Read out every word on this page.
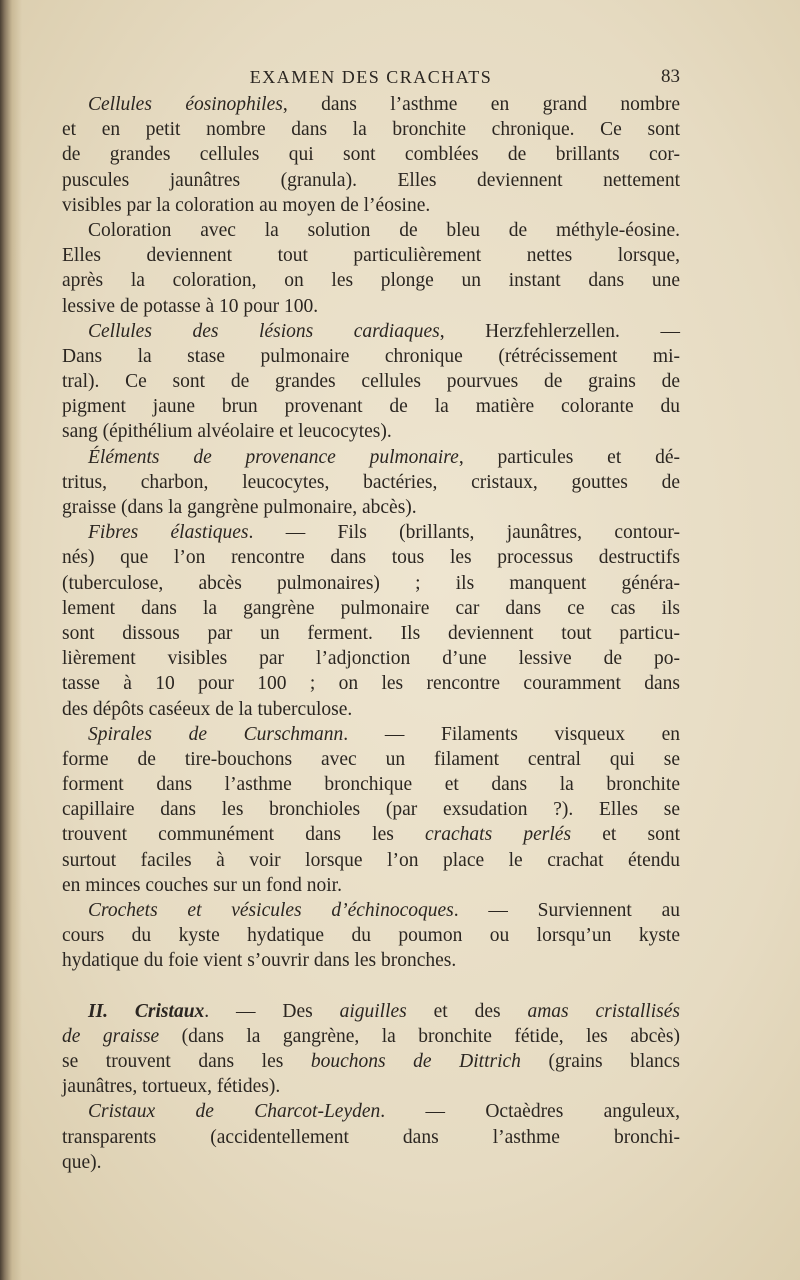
EXAMEN DES CRACHATS	83
Cellules éosinophiles, dans l’asthme en grand nombre
et en petit nombre dans la bronchite chronique. Ce sont
de grandes cellules qui sont comblées de brillants cor-
puscules jaunâtres (granula). Elles deviennent nettement
visibles par la coloration au moyen de l’éosine.
Coloration avec la solution de bleu de méthyle-éosine.
Elles deviennent tout particulièrement nettes lorsque,
après la coloration, on les plonge un instant dans une
lessive de potasse à 10 pour 100.
Cellules des lésions cardiaques, Herzfehlerzellen. —
Dans la stase pulmonaire chronique (rétrécissement mi-
tral). Ce sont de grandes cellules pourvues de grains de
pigment jaune brun provenant de la matière colorante du
sang (épithélium alvéolaire et leucocytes).
Éléments de provenance pulmonaire, particules et dé-
tritus, charbon, leucocytes, bactéries, cristaux, gouttes de
graisse (dans la gangrène pulmonaire, abcès).
Fibres élastiques. — Fils (brillants, jaunâtres, contour-
nés) que l’on rencontre dans tous les processus destructifs
(tuberculose, abcès pulmonaires) ; ils manquent généra-
lement dans la gangrène pulmonaire car dans ce cas ils
sont dissous par un ferment. Ils deviennent tout particu-
lièrement visibles par l’adjonction d’une lessive de po-
tasse à 10 pour 100 ; on les rencontre couramment dans
des dépôts caséeux de la tuberculose.
Spirales de Curschmann. — Filaments visqueux en
forme de tire-bouchons avec un filament central qui se
forment dans l’asthme bronchique et dans la bronchite
capillaire dans les bronchioles (par exsudation ?). Elles se
trouvent communément dans les crachats perlés et sont
surtout faciles à voir lorsque l’on place le crachat étendu
en minces couches sur un fond noir.
Crochets et vésicules d’échinocoques. — Surviennent au
cours du kyste hydatique du poumon ou lorsqu’un kyste
hydatique du foie vient s’ouvrir dans les bronches.
II. Cristaux. — Des aiguilles et des amas cristallisés
de graisse (dans la gangrène, la bronchite fétide, les abcès)
se trouvent dans les bouchons de Dittrich (grains blancs
jaunâtres, tortueux, fétides).
Cristaux de Charcot-Leyden. — Octaèdres anguleux,
transparents (accidentellement dans l’asthme bronchi-
que).
